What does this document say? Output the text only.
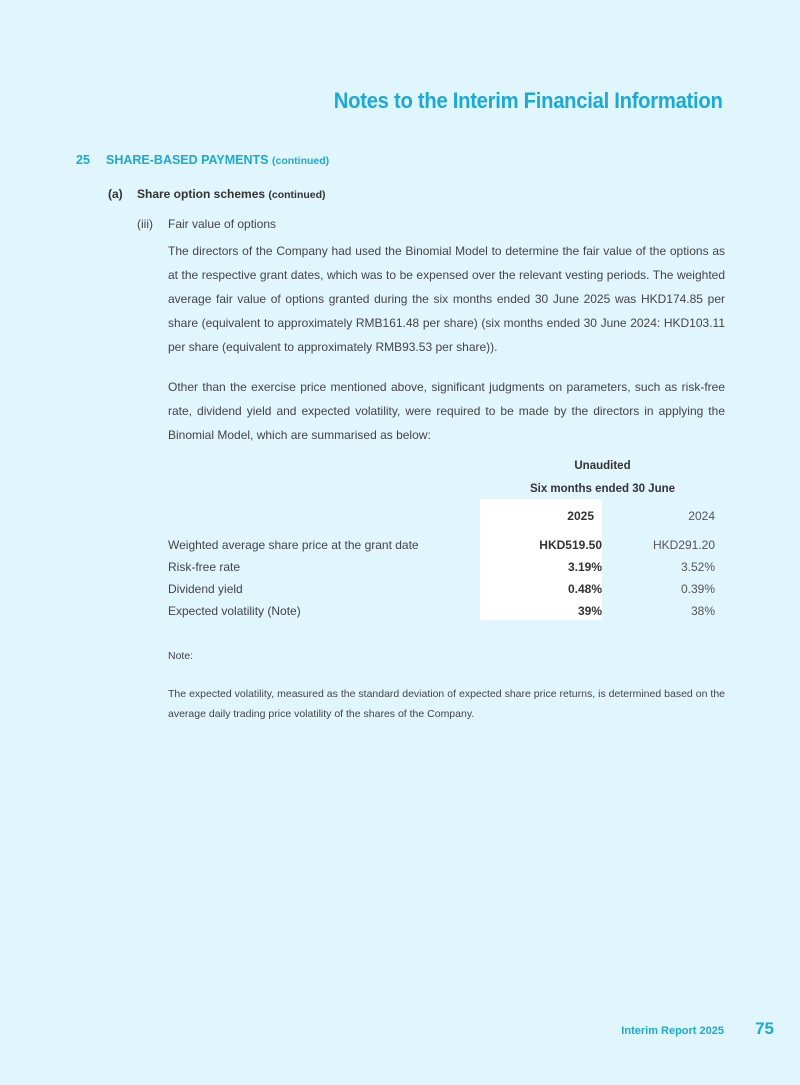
Notes to the Interim Financial Information
25 SHARE-BASED PAYMENTS (continued)
(a) Share option schemes (continued)
(iii) Fair value of options
The directors of the Company had used the Binomial Model to determine the fair value of the options as at the respective grant dates, which was to be expensed over the relevant vesting periods. The weighted average fair value of options granted during the six months ended 30 June 2025 was HKD174.85 per share (equivalent to approximately RMB161.48 per share) (six months ended 30 June 2024: HKD103.11 per share (equivalent to approximately RMB93.53 per share)).
Other than the exercise price mentioned above, significant judgments on parameters, such as risk-free rate, dividend yield and expected volatility, were required to be made by the directors in applying the Binomial Model, which are summarised as below:
Unaudited
Six months ended 30 June
2025	2024
Weighted average share price at the grant date	HKD519.50	HKD291.20
Risk-free rate	3.19%	3.52%
Dividend yield	0.48%	0.39%
Expected volatility (Note)	39%	38%
Note:
The expected volatility, measured as the standard deviation of expected share price returns, is determined based on the average daily trading price volatility of the shares of the Company.
Interim Report 2025 75
